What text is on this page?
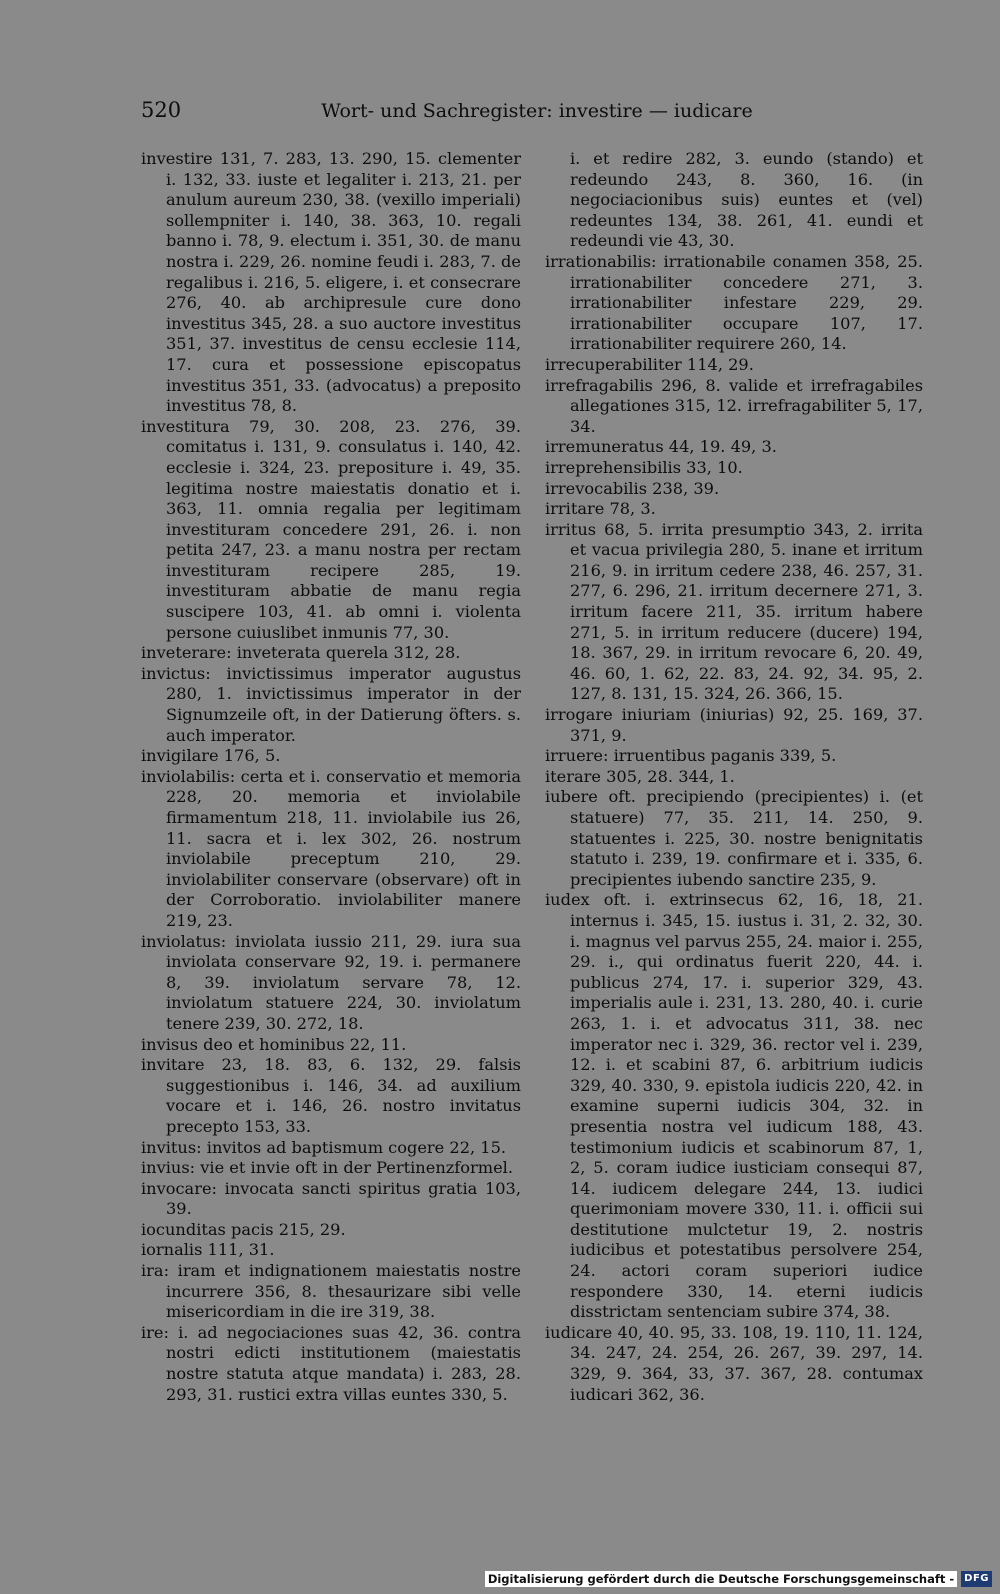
520	Wort- und Sachregister: investire — iudicare
investire 131, 7. 283, 13. 290, 15. clementer i. 132, 33. iuste et legaliter i. 213, 21. per anulum aureum 230, 38. (vexillo imperiali) sollempniter i. 140, 38. 363, 10. regali banno i. 78, 9. electum i. 351, 30. de manu nostra i. 229, 26. nomine feudi i. 283, 7. de regalibus i. 216, 5. eligere, i. et consecrare 276, 40. ab archipresule cure dono investitus 345, 28. a suo auctore investitus 351, 37. investitus de censu ecclesie 114, 17. cura et possessione episcopatus investitus 351, 33. (advocatus) a preposito investitus 78, 8.
investitura 79, 30. 208, 23. 276, 39. comitatus i. 131, 9. consulatus i. 140, 42. ecclesie i. 324, 23. prepositure i. 49, 35. legitima nostre maiestatis donatio et i. 363, 11. omnia regalia per legitimam investituram concedere 291, 26. i. non petita 247, 23. a manu nostra per rectam investituram recipere 285, 19. investituram abbatie de manu regia suscipere 103, 41. ab omni i. violenta persone cuiuslibet inmunis 77, 30.
inveterare: inveterata querela 312, 28.
invictus: invictissimus imperator augustus 280, 1. invictissimus imperator in der Signumzeile oft, in der Datierung öfters. s. auch imperator.
invigilare 176, 5.
inviolabilis: certa et i. conservatio et memoria 228, 20. memoria et inviolabile firmamentum 218, 11. inviolabile ius 26, 11. sacra et i. lex 302, 26. nostrum inviolabile preceptum 210, 29. inviolabiliter conservare (observare) oft in der Corroboratio. inviolabiliter manere 219, 23.
inviolatus: inviolata iussio 211, 29. iura sua inviolata conservare 92, 19. i. permanere 8, 39. inviolatum servare 78, 12. inviolatum statuere 224, 30. inviolatum tenere 239, 30. 272, 18.
invisus deo et hominibus 22, 11.
invitare 23, 18. 83, 6. 132, 29. falsis suggestionibus i. 146, 34. ad auxilium vocare et i. 146, 26. nostro invitatus precepto 153, 33.
invitus: invitos ad baptismum cogere 22, 15.
invius: vie et invie oft in der Pertinenzformel.
invocare: invocata sancti spiritus gratia 103, 39.
iocunditas pacis 215, 29.
iornalis 111, 31.
ira: iram et indignationem maiestatis nostre incurrere 356, 8. thesaurizare sibi velle misericordiam in die ire 319, 38.
ire: i. ad negociaciones suas 42, 36. contra nostri edicti institutionem (maiestatis nostre statuta atque mandata) i. 283, 28. 293, 31. rustici extra villas euntes 330, 5.
i. et redire 282, 3. eundo (stando) et redeundo 243, 8. 360, 16. (in negociacionibus suis) euntes et (vel) redeuntes 134, 38. 261, 41. eundi et redeundi vie 43, 30.
irrationabilis: irrationabile conamen 358, 25. irrationabiliter concedere 271, 3. irrationabiliter infestare 229, 29. irrationabiliter occupare 107, 17. irrationabiliter requirere 260, 14.
irrecuperabiliter 114, 29.
irrefragabilis 296, 8. valide et irrefragabiles allegationes 315, 12. irrefragabiliter 5, 17, 34.
irremuneratus 44, 19. 49, 3.
irreprehensibilis 33, 10.
irrevocabilis 238, 39.
irritare 78, 3.
irritus 68, 5. irrita presumptio 343, 2. irrita et vacua privilegia 280, 5. inane et irritum 216, 9. in irritum cedere 238, 46. 257, 31. 277, 6. 296, 21. irritum decernere 271, 3. irritum facere 211, 35. irritum habere 271, 5. in irritum reducere (ducere) 194, 18. 367, 29. in irritum revocare 6, 20. 49, 46. 60, 1. 62, 22. 83, 24. 92, 34. 95, 2. 127, 8. 131, 15. 324, 26. 366, 15.
irrogare iniuriam (iniurias) 92, 25. 169, 37. 371, 9.
irruere: irruentibus paganis 339, 5.
iterare 305, 28. 344, 1.
iubere oft. precipiendo (precipientes) i. (et statuere) 77, 35. 211, 14. 250, 9. statuentes i. 225, 30. nostre benignitatis statuto i. 239, 19. confirmare et i. 335, 6. precipientes iubendo sanctire 235, 9.
iudex oft. i. extrinsecus 62, 16, 18, 21. internus i. 345, 15. iustus i. 31, 2. 32, 30. i. magnus vel parvus 255, 24. maior i. 255, 29. i., qui ordinatus fuerit 220, 44. i. publicus 274, 17. i. superior 329, 43. imperialis aule i. 231, 13. 280, 40. i. curie 263, 1. i. et advocatus 311, 38. nec imperator nec i. 329, 36. rector vel i. 239, 12. i. et scabini 87, 6. arbitrium iudicis 329, 40. 330, 9. epistola iudicis 220, 42. in examine superni iudicis 304, 32. in presentia nostra vel iudicum 188, 43. testimonium iudicis et scabinorum 87, 1, 2, 5. coram iudice iusticiam consequi 87, 14. iudicem delegare 244, 13. iudici querimoniam movere 330, 11. i. officii sui destitutione mulctetur 19, 2. nostris iudicibus et potestatibus persolvere 254, 24. actori coram superiori iudice respondere 330, 14. eterni iudicis disstrictam sentenciam subire 374, 38.
iudicare 40, 40. 95, 33. 108, 19. 110, 11. 124, 34. 247, 24. 254, 26. 267, 39. 297, 14. 329, 9. 364, 33, 37. 367, 28. contumax iudicari 362, 36.
Digitalisierung gefördert durch die Deutsche Forschungsgemeinschaft -	DFG
